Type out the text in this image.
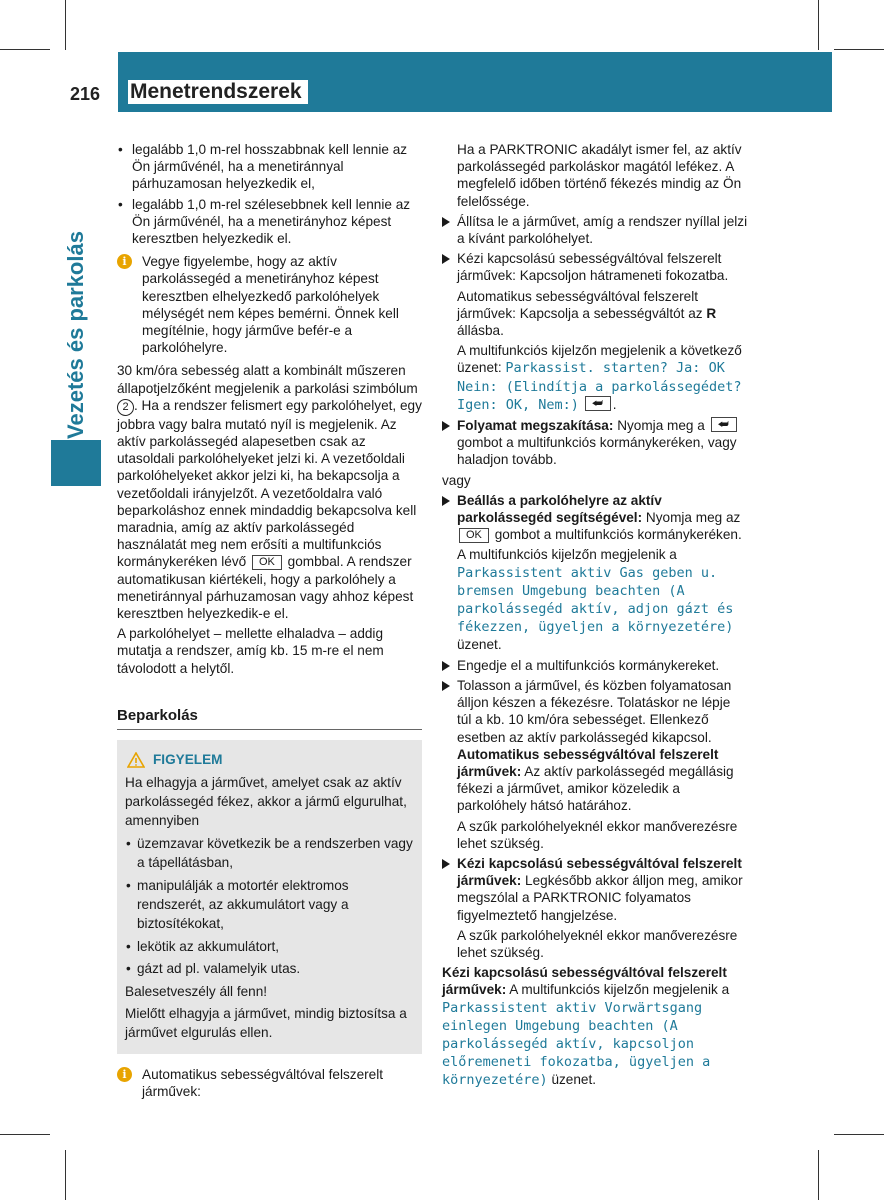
216 Menetrendszerek
Vezetés és parkolás
• legalább 1,0 m-rel hosszabbnak kell lennie az Ön járművénél, ha a menetiránnyal párhuzamosan helyezkedik el,
• legalább 1,0 m-rel szélesebbnek kell lennie az Ön járművénél, ha a menetirányhoz képest keresztben helyezkedik el.
i	Vegye figyelembe, hogy az aktív parkolássegéd a menetirányhoz képest keresztben elhelyezkedő parkolóhelyek mélységét nem képes bemérni. Önnek kell megítélnie, hogy járműve befér-e a parkolóhelyre.

30 km/óra sebesség alatt a kombinált műszeren állapotjelzőként megjelenik a parkolási szimbólum 2 . Ha a rendszer felismert egy parkolóhelyet, egy jobbra vagy balra mutató nyíl is megjelenik. Az aktív parkolássegéd alapesetben csak az utasoldali parkolóhelyeket jelzi ki. A vezetőoldali parkolóhelyeket akkor jelzi ki, ha bekapcsolja a vezetőoldali irányjelzőt. A vezetőoldalra való beparkoláshoz ennek mindaddig bekapcsolva kell maradnia, amíg az aktív parkolássegéd használatát meg nem erősíti a multifunkciós kormánykeréken lévő OK gombbal. A rendszer automatikusan kiértékeli, hogy a parkolóhely a menetiránnyal párhuzamosan vagy ahhoz képest keresztben helyezkedik-e el.

A parkolóhelyet – mellette elhaladva – addig mutatja a rendszer, amíg kb. 15 m-re el nem távolodott a helytől.

Beparkolás
FIGYELEM

Ha elhagyja a járművet, amelyet csak az aktív parkolássegéd fékez, akkor a jármű elgurulhat, amennyiben

• üzemzavar következik be a rendszerben vagy a tápellátásban,
• manipulálják a motortér elektromos rendszerét, az akkumulátort vagy a biztosítékokat,
• lekötik az akkumulátort,
• gázt ad pl. valamelyik utas.

Balesetveszély áll fenn!

Mielőtt elhagyja a járművet, mindig biztosítsa a járművet elgurulás ellen.

i	Automatikus sebességváltóval felszerelt járművek:

Ha a PARKTRONIC akadályt ismer fel, az aktív parkolássegéd parkoláskor magától lefékez. A megfelelő időben történő fékezés mindig az Ön felelőssége.

Állítsa le a járművet, amíg a rendszer nyíllal jelzi a kívánt parkolóhelyet.
Kézi kapcsolású sebességváltóval felszerelt járművek: Kapcsoljon hátrameneti fokozatba.

Automatikus sebességváltóval felszerelt járművek: Kapcsolja a sebességváltót az R állásba.

A multifunkciós kijelzőn megjelenik a következő üzenet: Parkassist. starten? Ja: OK Nein: (Elindítja a parkolássegédet? Igen: OK, Nem:) ⮨ .

Folyamat megszakítása: Nyomja meg a ⮨ gombot a multifunkciós kormánykeréken, vagy haladjon tovább.

vagy

Beállás a parkolóhelyre az aktív parkolássegéd segítségével: Nyomja meg az OK gombot a multifunkciós kormánykeréken.

A multifunkciós kijelzőn megjelenik a Parkassistent aktiv Gas geben u. bremsen Umgebung beachten (A parkolássegéd aktív, adjon gázt és fékezzen, ügyeljen a környezetére) üzenet.

Engedje el a multifunkciós kormánykereket.
Tolasson a járművel, és közben folyamatosan álljon készen a fékezésre. Tolatáskor ne lépje túl a kb. 10 km/óra sebességet. Ellenkező esetben az aktív parkolássegéd kikapcsol. Automatikus sebességváltóval felszerelt járművek: Az aktív parkolássegéd megállásig fékezi a járművet, amikor közeledik a parkolóhely hátsó határához.

A szűk parkolóhelyeknél ekkor manőverezésre lehet szükség.

Kézi kapcsolású sebességváltóval felszerelt járművek: Legkésőbb akkor álljon meg, amikor megszólal a PARKTRONIC folyamatos figyelmeztető hangjelzése.

A szűk parkolóhelyeknél ekkor manőverezésre lehet szükség.

Kézi kapcsolású sebességváltóval felszerelt járművek: A multifunkciós kijelzőn megjelenik a Parkassistent aktiv Vorwärtsgang einlegen Umgebung beachten (A parkolássegéd aktív, kapcsoljon előremeneti fokozatba, ügyeljen a környezetére) üzenet.
